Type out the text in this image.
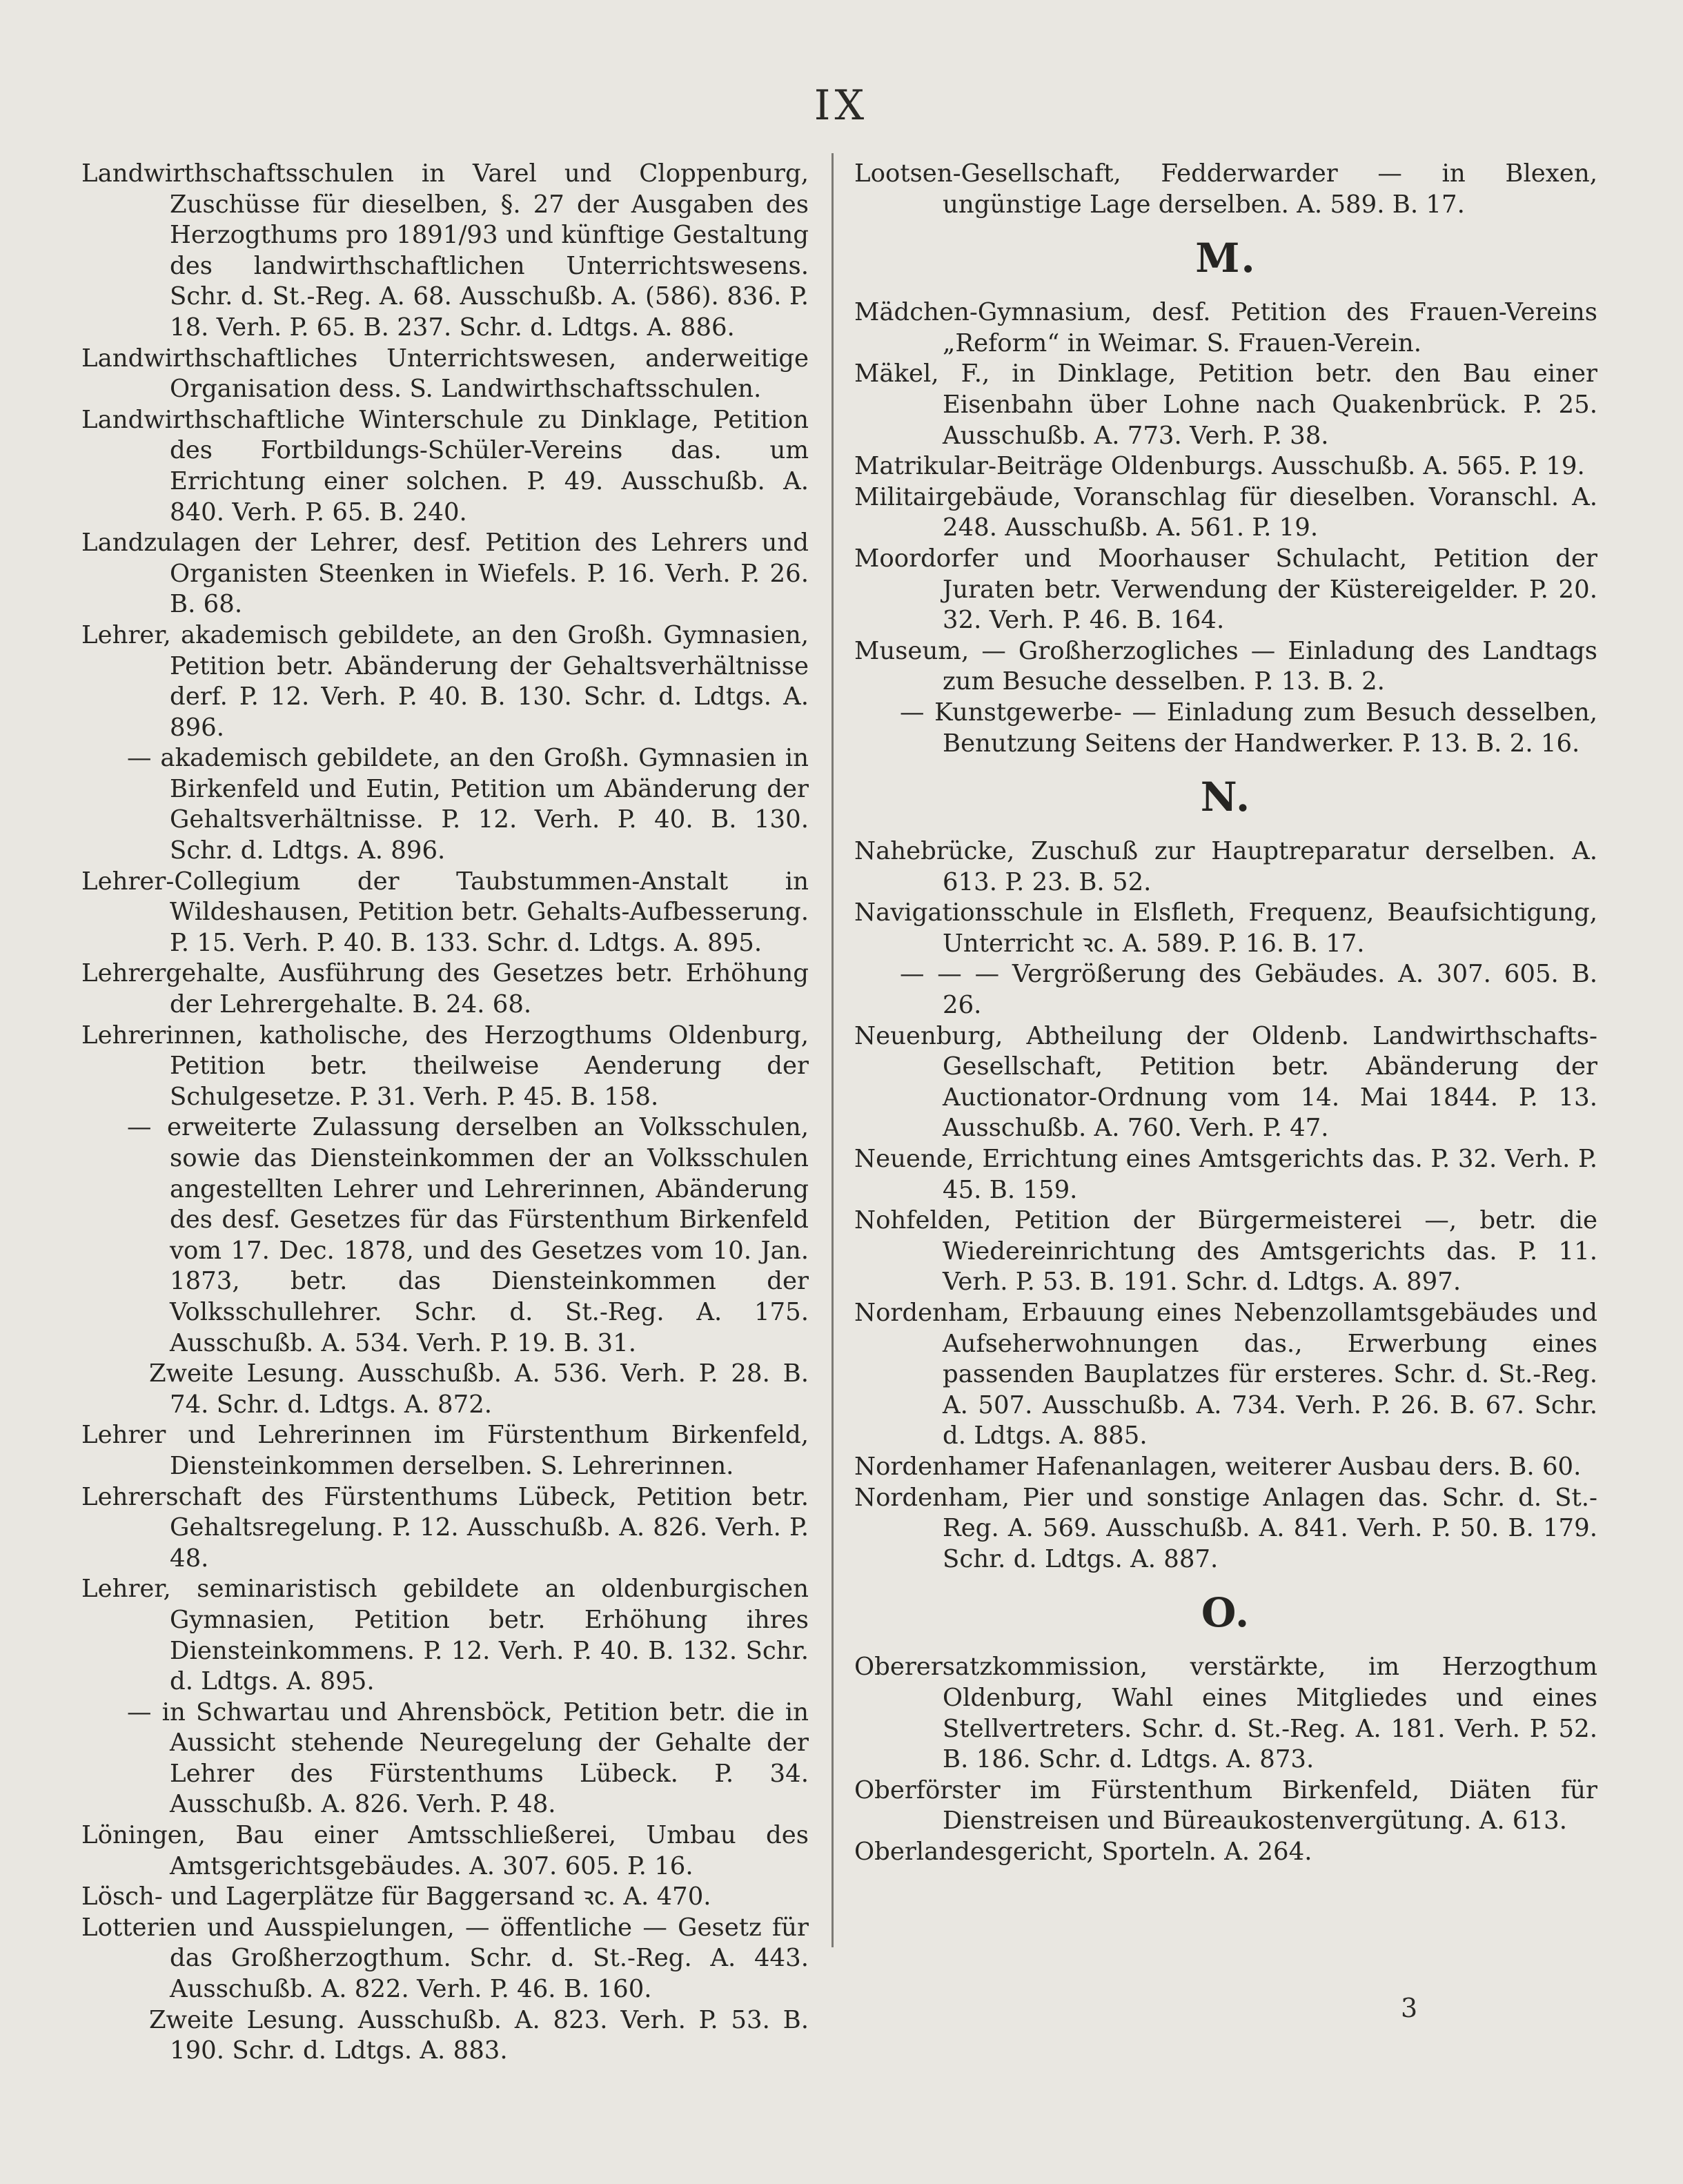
IX
Landwirthschaftsschulen in Varel und Cloppenburg, Zuschüsse für dieselben, §. 27 der Ausgaben des Herzogthums pro 1891/93 und künftige Gestaltung des landwirthschaftlichen Unterrichtswesens. Schr. d. St.-Reg. A. 68. Ausschußb. A. (586). 836. P. 18. Verh. P. 65. B. 237. Schr. d. Ldtgs. A. 886.
Landwirthschaftliches Unterrichtswesen, anderweitige Organisation dess. S. Landwirthschaftsschulen.
Landwirthschaftliche Winterschule zu Dinklage, Petition des Fortbildungs-Schüler-Vereins das. um Errichtung einer solchen. P. 49. Ausschußb. A. 840. Verh. P. 65. B. 240.
Landzulagen der Lehrer, desf. Petition des Lehrers und Organisten Steenken in Wiefels. P. 16. Verh. P. 26. B. 68.
Lehrer, akademisch gebildete, an den Großh. Gymnasien, Petition betr. Abänderung der Gehaltsverhältnisse derf. P. 12. Verh. P. 40. B. 130. Schr. d. Ldtgs. A. 896.
— akademisch gebildete, an den Großh. Gymnasien in Birkenfeld und Eutin, Petition um Abänderung der Gehaltsverhältnisse. P. 12. Verh. P. 40. B. 130. Schr. d. Ldtgs. A. 896.
Lehrer-Collegium der Taubstummen-Anstalt in Wildeshausen, Petition betr. Gehalts-Aufbesserung. P. 15. Verh. P. 40. B. 133. Schr. d. Ldtgs. A. 895.
Lehrergehalte, Ausführung des Gesetzes betr. Erhöhung der Lehrergehalte. B. 24. 68.
Lehrerinnen, katholische, des Herzogthums Oldenburg, Petition betr. theilweise Aenderung der Schulgesetze. P. 31. Verh. P. 45. B. 158.
— erweiterte Zulassung derselben an Volksschulen, sowie das Diensteinkommen der an Volksschulen angestellten Lehrer und Lehrerinnen, Abänderung des desf. Gesetzes für das Fürstenthum Birkenfeld vom 17. Dec. 1878, und des Gesetzes vom 10. Jan. 1873, betr. das Diensteinkommen der Volksschullehrer. Schr. d. St.-Reg. A. 175. Ausschußb. A. 534. Verh. P. 19. B. 31.
Zweite Lesung. Ausschußb. A. 536. Verh. P. 28. B. 74. Schr. d. Ldtgs. A. 872.
Lehrer und Lehrerinnen im Fürstenthum Birkenfeld, Diensteinkommen derselben. S. Lehrerinnen.
Lehrerschaft des Fürstenthums Lübeck, Petition betr. Gehaltsregelung. P. 12. Ausschußb. A. 826. Verh. P. 48.
Lehrer, seminaristisch gebildete an oldenburgischen Gymnasien, Petition betr. Erhöhung ihres Diensteinkommens. P. 12. Verh. P. 40. B. 132. Schr. d. Ldtgs. A. 895.
— in Schwartau und Ahrensböck, Petition betr. die in Aussicht stehende Neuregelung der Gehalte der Lehrer des Fürstenthums Lübeck. P. 34. Ausschußb. A. 826. Verh. P. 48.
Löningen, Bau einer Amtsschließerei, Umbau des Amtsgerichtsgebäudes. A. 307. 605. P. 16.
Lösch- und Lagerplätze für Baggersand ꝛc. A. 470.
Lotterien und Ausspielungen, — öffentliche — Gesetz für das Großherzogthum. Schr. d. St.-Reg. A. 443. Ausschußb. A. 822. Verh. P. 46. B. 160.
Zweite Lesung. Ausschußb. A. 823. Verh. P. 53. B. 190. Schr. d. Ldtgs. A. 883.
Lootsen-Gesellschaft, Fedderwarder — in Blexen, ungünstige Lage derselben. A. 589. B. 17.
M.
Mädchen-Gymnasium, desf. Petition des Frauen-Vereins „Reform“ in Weimar. S. Frauen-Verein.
Mäkel, F., in Dinklage, Petition betr. den Bau einer Eisenbahn über Lohne nach Quakenbrück. P. 25. Ausschußb. A. 773. Verh. P. 38.
Matrikular-Beiträge Oldenburgs. Ausschußb. A. 565. P. 19.
Militairgebäude, Voranschlag für dieselben. Voranschl. A. 248. Ausschußb. A. 561. P. 19.
Moordorfer und Moorhauser Schulacht, Petition der Juraten betr. Verwendung der Küstereigelder. P. 20. 32. Verh. P. 46. B. 164.
Museum, — Großherzogliches — Einladung des Landtags zum Besuche desselben. P. 13. B. 2.
— Kunstgewerbe- — Einladung zum Besuch desselben, Benutzung Seitens der Handwerker. P. 13. B. 2. 16.
N.
Nahebrücke, Zuschuß zur Hauptreparatur derselben. A. 613. P. 23. B. 52.
Navigationsschule in Elsfleth, Frequenz, Beaufsichtigung, Unterricht ꝛc. A. 589. P. 16. B. 17.
— — — Vergrößerung des Gebäudes. A. 307. 605. B. 26.
Neuenburg, Abtheilung der Oldenb. Landwirthschafts-Gesellschaft, Petition betr. Abänderung der Auctionator-Ordnung vom 14. Mai 1844. P. 13. Ausschußb. A. 760. Verh. P. 47.
Neuende, Errichtung eines Amtsgerichts das. P. 32. Verh. P. 45. B. 159.
Nohfelden, Petition der Bürgermeisterei —, betr. die Wiedereinrichtung des Amtsgerichts das. P. 11. Verh. P. 53. B. 191. Schr. d. Ldtgs. A. 897.
Nordenham, Erbauung eines Nebenzollamtsgebäudes und Aufseherwohnungen das., Erwerbung eines passenden Bauplatzes für ersteres. Schr. d. St.-Reg. A. 507. Ausschußb. A. 734. Verh. P. 26. B. 67. Schr. d. Ldtgs. A. 885.
Nordenhamer Hafenanlagen, weiterer Ausbau ders. B. 60.
Nordenham, Pier und sonstige Anlagen das. Schr. d. St.-Reg. A. 569. Ausschußb. A. 841. Verh. P. 50. B. 179. Schr. d. Ldtgs. A. 887.
O.
Oberersatzkommission, verstärkte, im Herzogthum Oldenburg, Wahl eines Mitgliedes und eines Stellvertreters. Schr. d. St.-Reg. A. 181. Verh. P. 52. B. 186. Schr. d. Ldtgs. A. 873.
Oberförster im Fürstenthum Birkenfeld, Diäten für Dienstreisen und Büreaukostenvergütung. A. 613.
Oberlandesgericht, Sporteln. A. 264.
3
